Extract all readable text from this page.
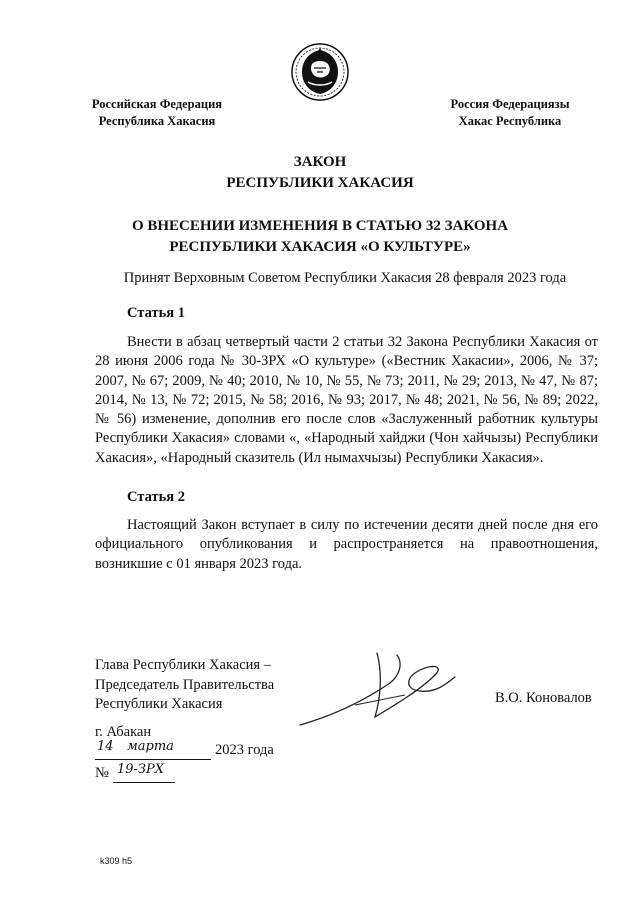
Российская Федерация
Республика Хакасия
Россия Федерациязы
Хакас Республика
ЗАКОН
РЕСПУБЛИКИ ХАКАСИЯ
О ВНЕСЕНИИ ИЗМЕНЕНИЯ В СТАТЬЮ 32 ЗАКОНА
РЕСПУБЛИКИ ХАКАСИЯ «О КУЛЬТУРЕ»
Принят Верховным Советом Республики Хакасия 28 февраля 2023 года
Статья 1

Внести в абзац четвертый части 2 статьи 32 Закона Республики Хакасия от 28 июня 2006 года № 30-ЗРХ «О культуре» («Вестник Хакасии», 2006, № 37; 2007, № 67; 2009, № 40; 2010, № 10, № 55, № 73; 2011, № 29; 2013, № 47, № 87; 2014, № 13, № 72; 2015, № 58; 2016, № 93; 2017, № 48; 2021, № 56, № 89; 2022, № 56) изменение, дополнив его после слов «Заслуженный работник культуры Республики Хакасия» словами «, «Народный хайджи (Чон хайчызы) Республики Хакасия», «Народный сказитель (Ил нымахчызы) Республики Хакасия».

Статья 2

Настоящий Закон вступает в силу по истечении десяти дней после дня его официального опубликования и распространяется на правоотношения, возникшие с 01 января 2023 года.

Глава Республики Хакасия –
Председатель Правительства
Республики Хакасия	В.О. Коновалов
г. Абакан
14 марта	2023 года
№ 19-ЗРХ
k309 h5
